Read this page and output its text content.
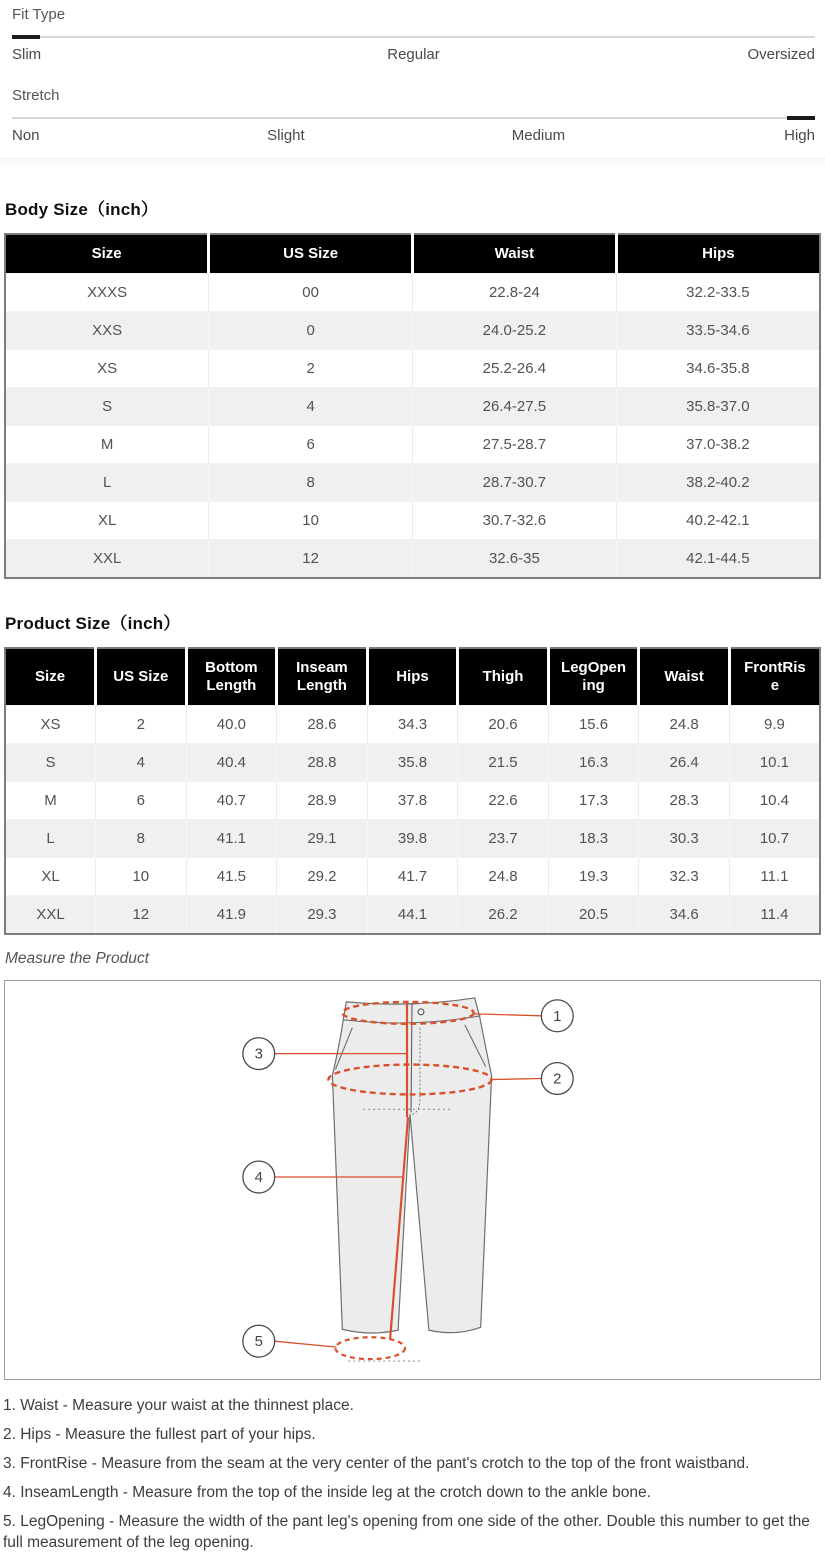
Fit Type
Slim	Regular	Oversized
Stretch
Non	Slight	Medium	High
Body Size（inch）
Size	US Size	Waist	Hips
XXXS	00	22.8-24	32.2-33.5
XXS	0	24.0-25.2	33.5-34.6
XS	2	25.2-26.4	34.6-35.8
S	4	26.4-27.5	35.8-37.0
M	6	27.5-28.7	37.0-38.2
L	8	28.7-30.7	38.2-40.2
XL	10	30.7-32.6	40.2-42.1
XXL	12	32.6-35	42.1-44.5
Product Size（inch）
Size	US Size	Bottom Length	Inseam Length	Hips	Thigh	LegOpening	Waist	FrontRise
XS	2	40.0	28.6	34.3	20.6	15.6	24.8	9.9
S	4	40.4	28.8	35.8	21.5	16.3	26.4	10.1
M	6	40.7	28.9	37.8	22.6	17.3	28.3	10.4
L	8	41.1	29.1	39.8	23.7	18.3	30.3	10.7
XL	10	41.5	29.2	41.7	24.8	19.3	32.3	11.1
XXL	12	41.9	29.3	44.1	26.2	20.5	34.6	11.4
Measure the Product
1
2
3
4
5
1. Waist - Measure your waist at the thinnest place.
2. Hips - Measure the fullest part of your hips.
3. FrontRise - Measure from the seam at the very center of the pant's crotch to the top of the front waistband.
4. InseamLength - Measure from the top of the inside leg at the crotch down to the ankle bone.
5. LegOpening - Measure the width of the pant leg's opening from one side of the other. Double this number to get the full measurement of the leg opening.
